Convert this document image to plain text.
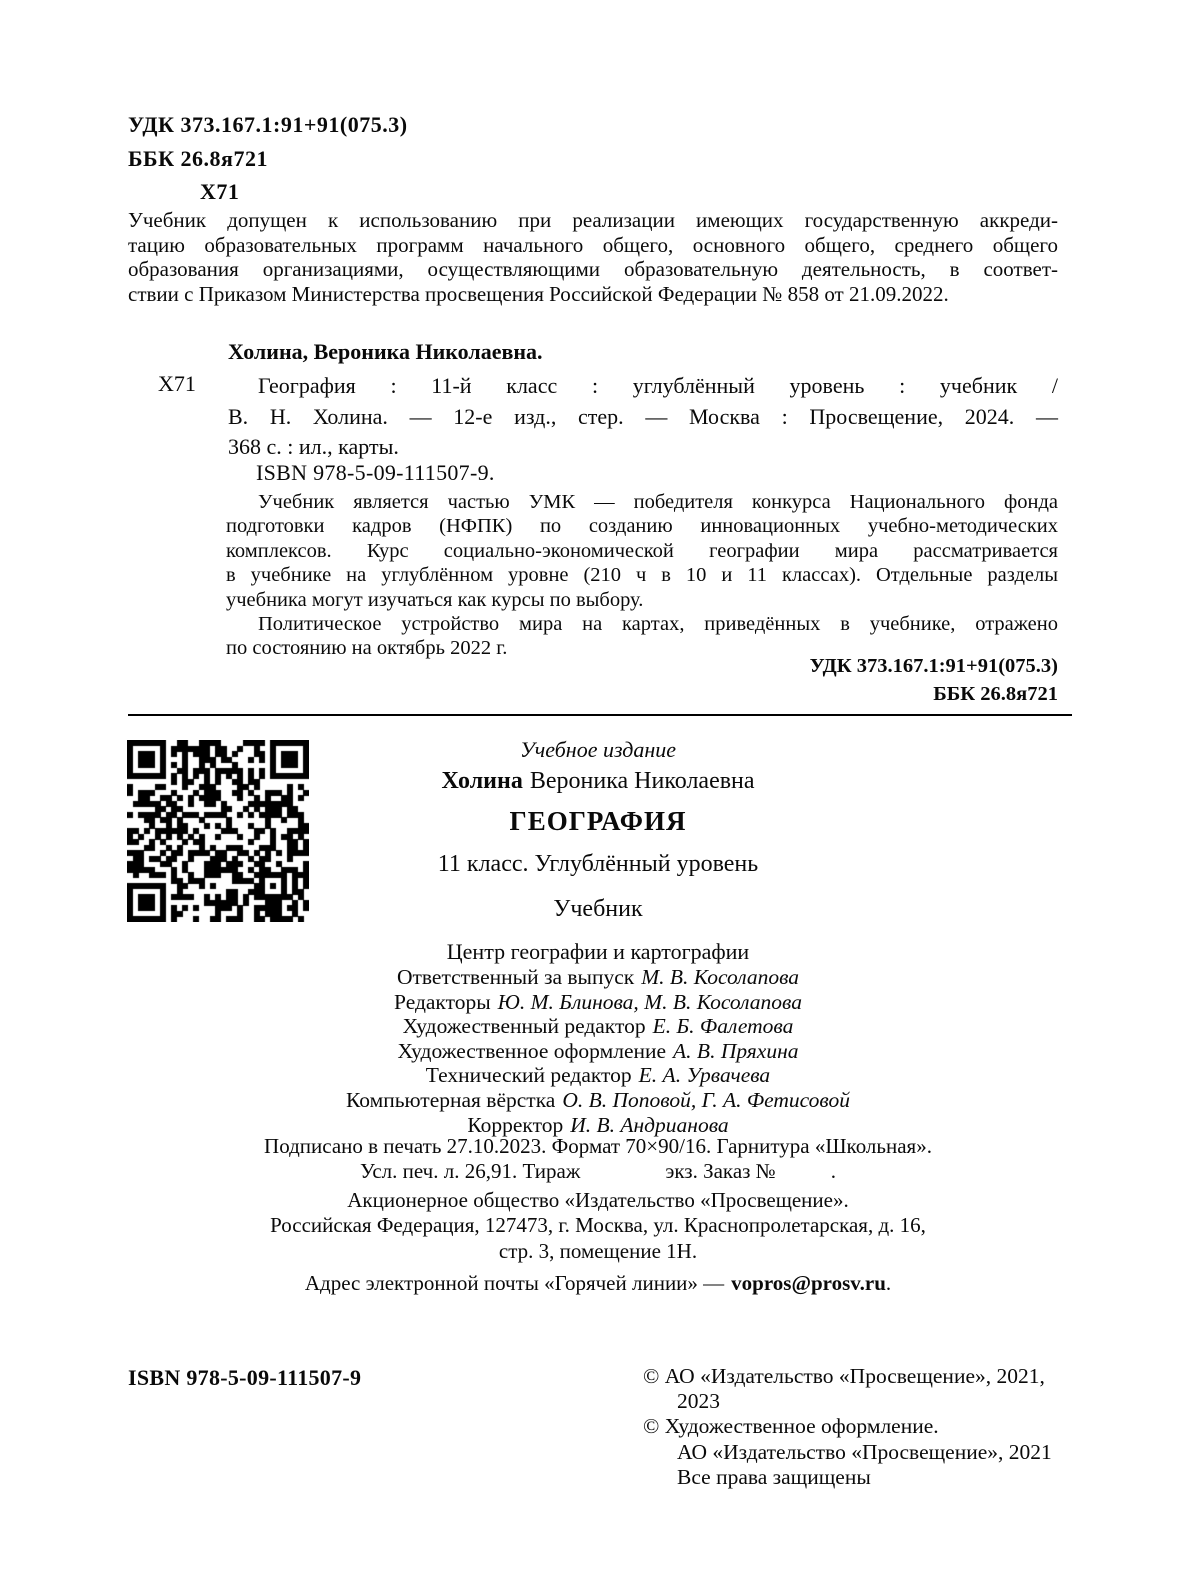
УДК 373.167.1:91+91(075.3)
ББК 26.8я721
Х71
Учебник допущен к использованию при реализации имеющих государственную аккреди-
тацию образовательных программ начального общего, основного общего, среднего общего
образования организациями, осуществляющими образовательную деятельность, в соответ-
ствии с Приказом Министерства просвещения Российской Федерации № 858 от 21.09.2022.
Холина, Вероника Николаевна.
Х71	География : 11-й класс : углублённый уровень : учебник /
В. Н. Холина. — 12-е изд., стер. — Москва : Просвещение, 2024. —
368 с. : ил., карты.
ISBN 978-5-09-111507-9.
Учебник является частью УМК — победителя конкурса Национального фонда
подготовки кадров (НФПК) по созданию инновационных учебно-методических
комплексов. Курс социально-экономической географии мира рассматривается
в учебнике на углублённом уровне (210 ч в 10 и 11 классах). Отдельные разделы
учебника могут изучаться как курсы по выбору.
Политическое устройство мира на картах, приведённых в учебнике, отражено
по состоянию на октябрь 2022 г.
УДК 373.167.1:91+91(075.3)
ББК 26.8я721
Учебное издание
Холина Вероника Николаевна
ГЕОГРАФИЯ
11 класс. Углублённый уровень
Учебник
Центр географии и картографии
Ответственный за выпуск М. В. Косолапова
Редакторы Ю. М. Блинова, М. В. Косолапова
Художественный редактор Е. Б. Фалетова
Художественное оформление А. В. Пряхина
Технический редактор Е. А. Урвачева
Компьютерная вёрстка О. В. Поповой, Г. А. Фетисовой
Корректор И. В. Андрианова
Подписано в печать 27.10.2023. Формат 70×90/16. Гарнитура «Школьная».
Усл. печ. л. 26,91. Тираж	экз. Заказ №	.
Акционерное общество «Издательство «Просвещение».
Российская Федерация, 127473, г. Москва, ул. Краснопролетарская, д. 16,
стр. 3, помещение 1Н.
Адрес электронной почты «Горячей линии» — vopros@prosv.ru.
ISBN 978-5-09-111507-9	© АО «Издательство «Просвещение», 2021,
2023
© Художественное оформление.
АО «Издательство «Просвещение», 2021
Все права защищены
